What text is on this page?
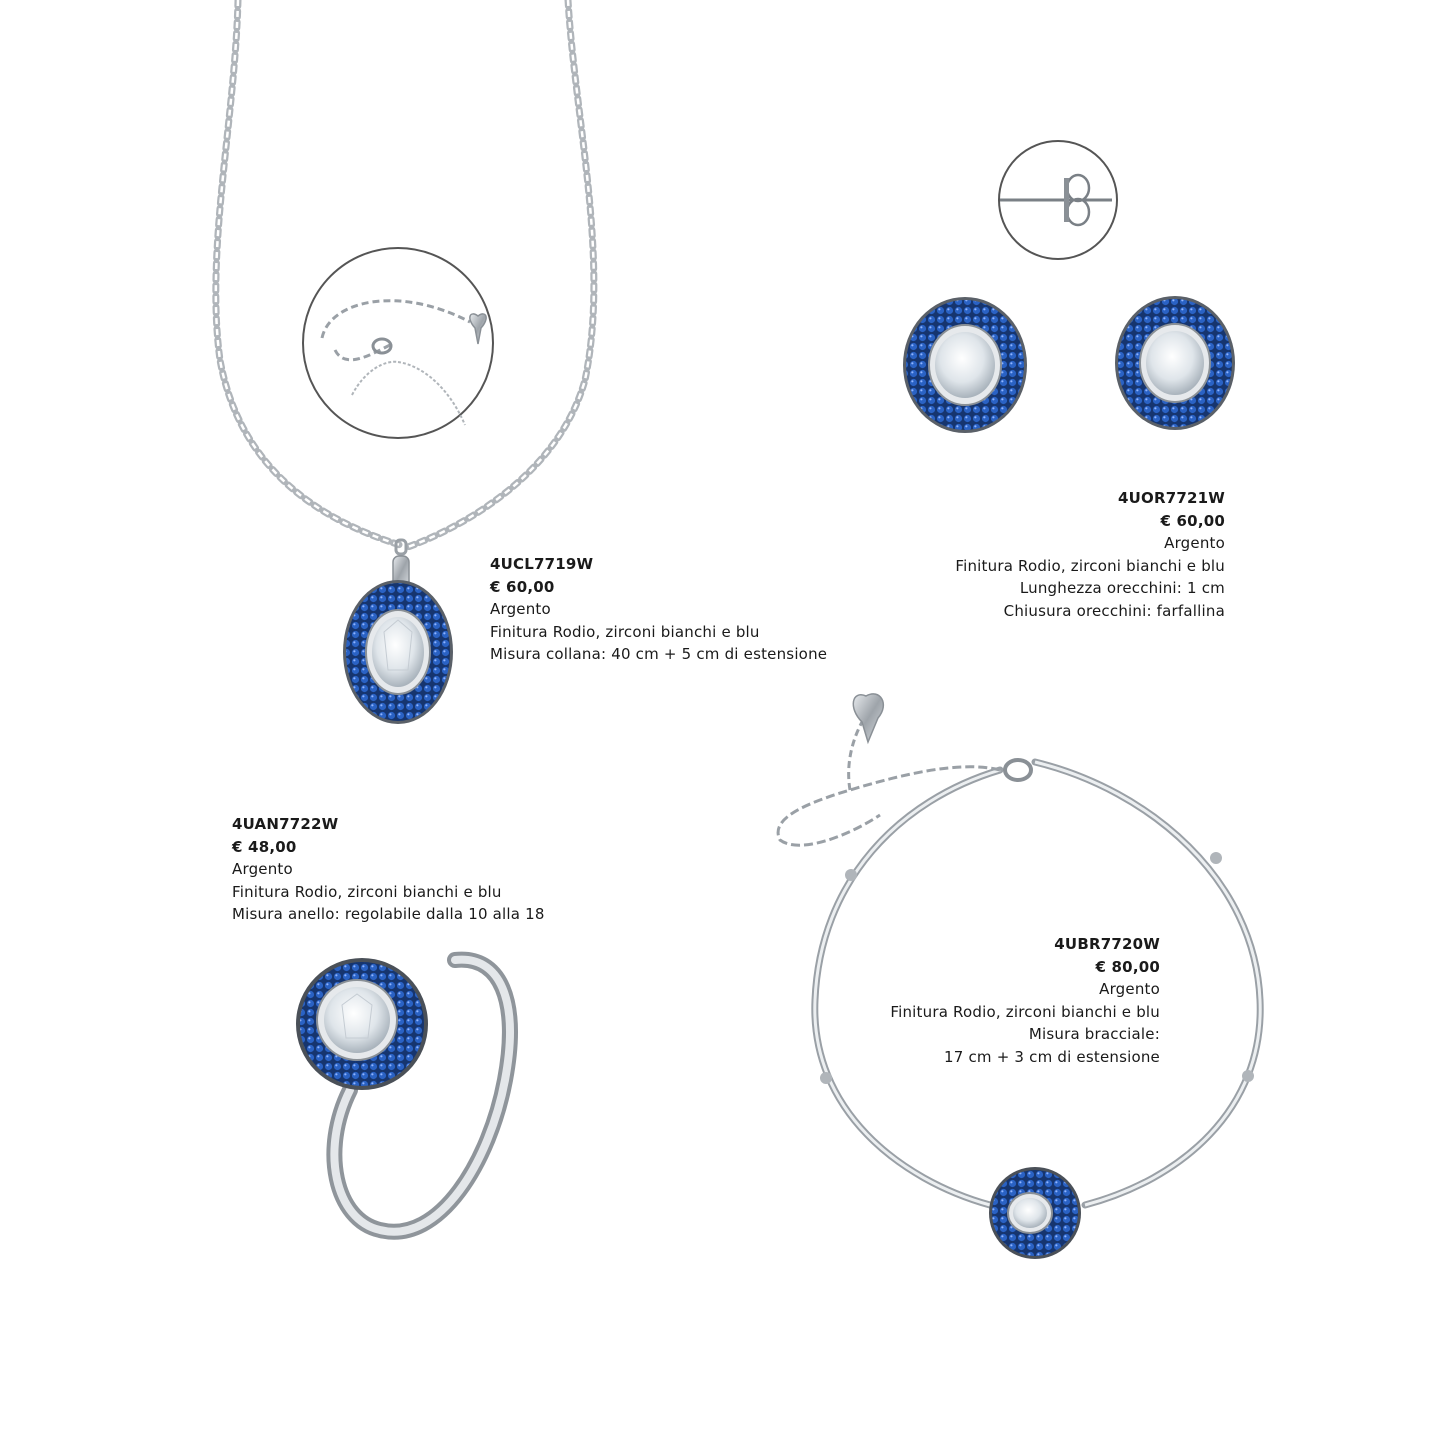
4UCL7719W
€ 60,00
Argento
Finitura Rodio, zirconi bianchi e blu
Misura collana: 40 cm + 5 cm di estensione
4UOR7721W
€ 60,00
Argento
Finitura Rodio, zirconi bianchi e blu
Lunghezza orecchini: 1 cm
Chiusura orecchini: farfallina
4UAN7722W
€ 48,00
Argento
Finitura Rodio, zirconi bianchi e blu
Misura anello: regolabile dalla 10 alla 18
4UBR7720W
€ 80,00
Argento
Finitura Rodio, zirconi bianchi e blu
Misura bracciale:
17 cm + 3 cm di estensione
